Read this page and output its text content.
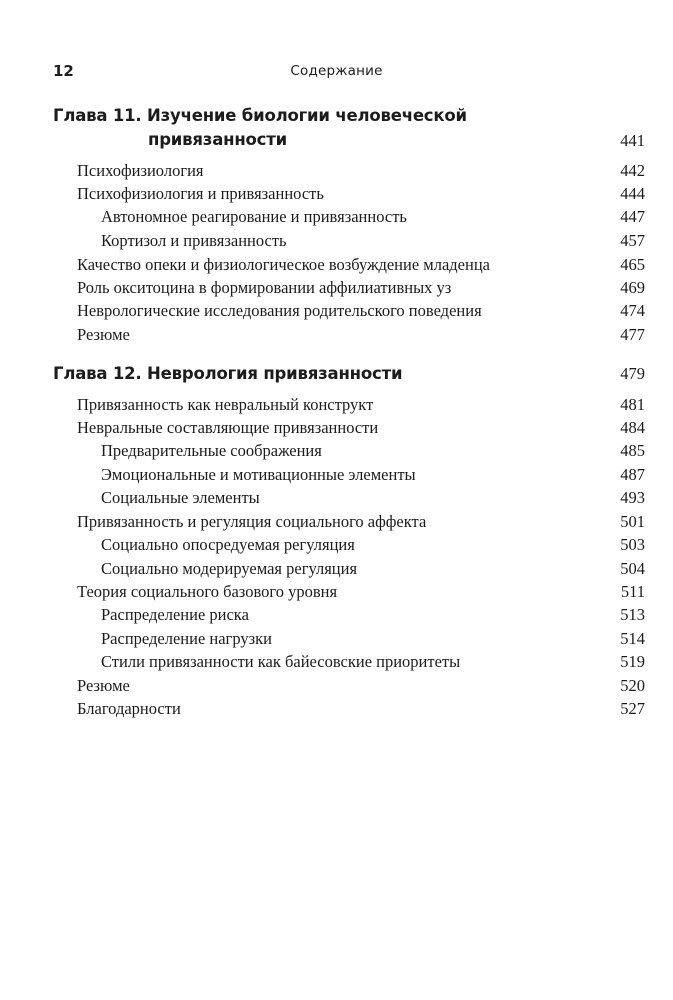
12	Содержание
Глава 11. Изучение биологии человеческой
привязанности	441
Психофизиология	442
Психофизиология и привязанность	444
Автономное реагирование и привязанность	447
Кортизол и привязанность	457
Качество опеки и физиологическое возбуждение младенца	465
Роль окситоцина в формировании аффилиативных уз	469
Неврологические исследования родительского поведения	474
Резюме	477
Глава 12. Неврология привязанности	479
Привязанность как невральный конструкт	481
Невральные составляющие привязанности	484
Предварительные соображения	485
Эмоциональные и мотивационные элементы	487
Социальные элементы	493
Привязанность и регуляция социального аффекта	501
Социально опосредуемая регуляция	503
Социально модерируемая регуляция	504
Теория социального базового уровня	511
Распределение риска	513
Распределение нагрузки	514
Стили привязанности как байесовские приоритеты	519
Резюме	520
Благодарности	527
